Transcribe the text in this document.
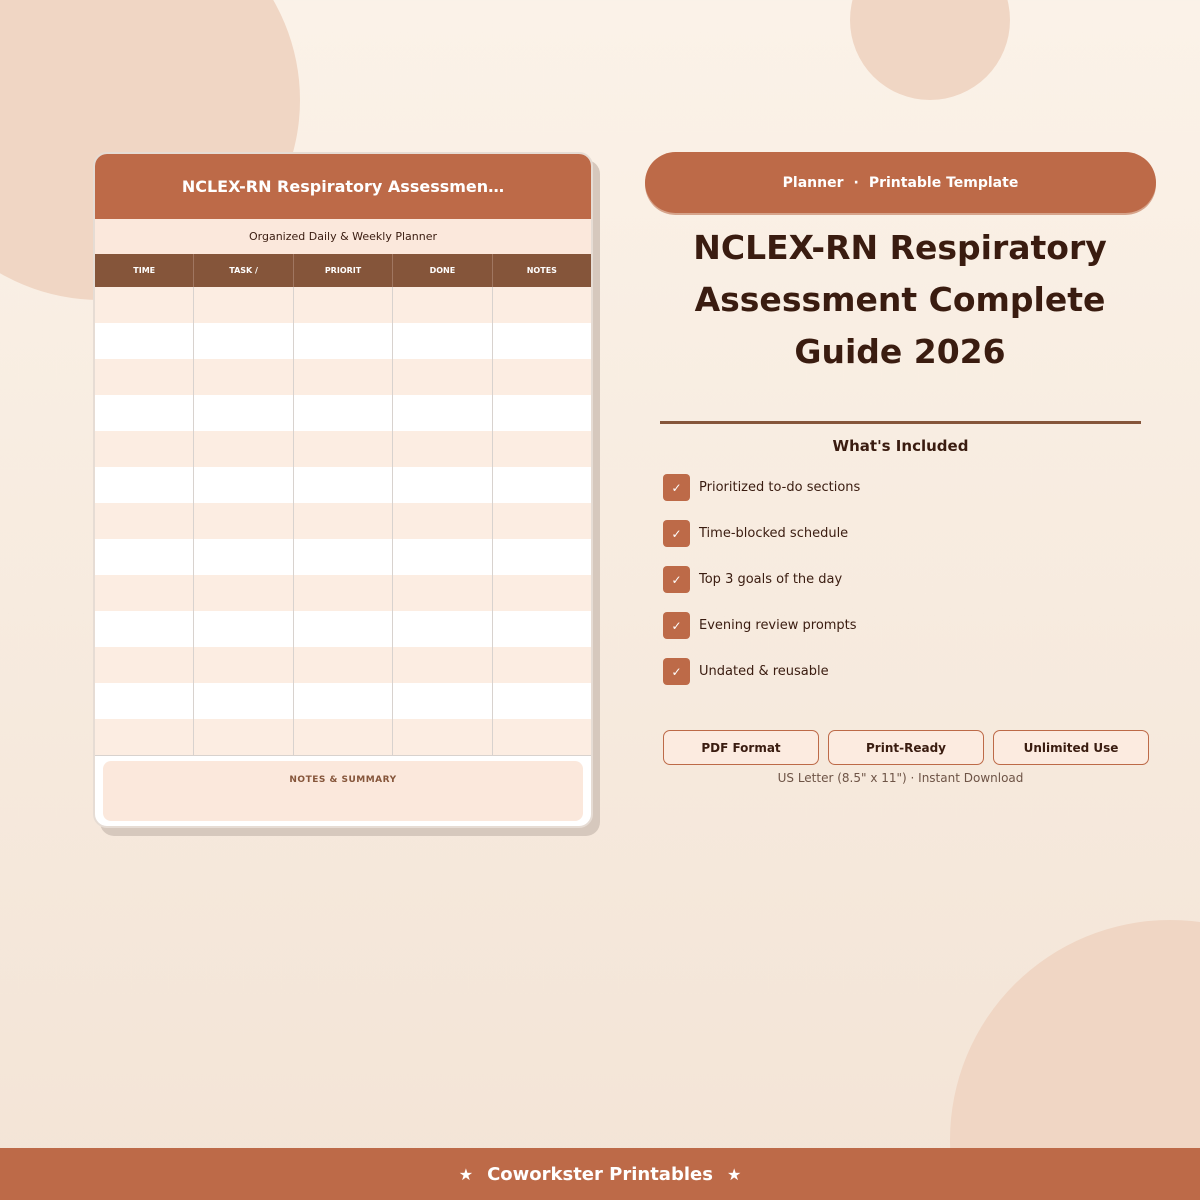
NCLEX-RN Respiratory Assessmen…
Organized Daily & Weekly Planner
TIME	TASK /	PRIORIT	DONE	NOTES
NOTES & SUMMARY
Planner · Printable Template
NCLEX-RN Respiratory
Assessment Complete
Guide 2026
What's Included
✓	Prioritized to-do sections
✓	Time-blocked schedule
✓	Top 3 goals of the day
✓	Evening review prompts
✓	Undated & reusable
PDF Format	Print-Ready	Unlimited Use
US Letter (8.5" x 11") · Instant Download
★ Coworkster Printables ★
